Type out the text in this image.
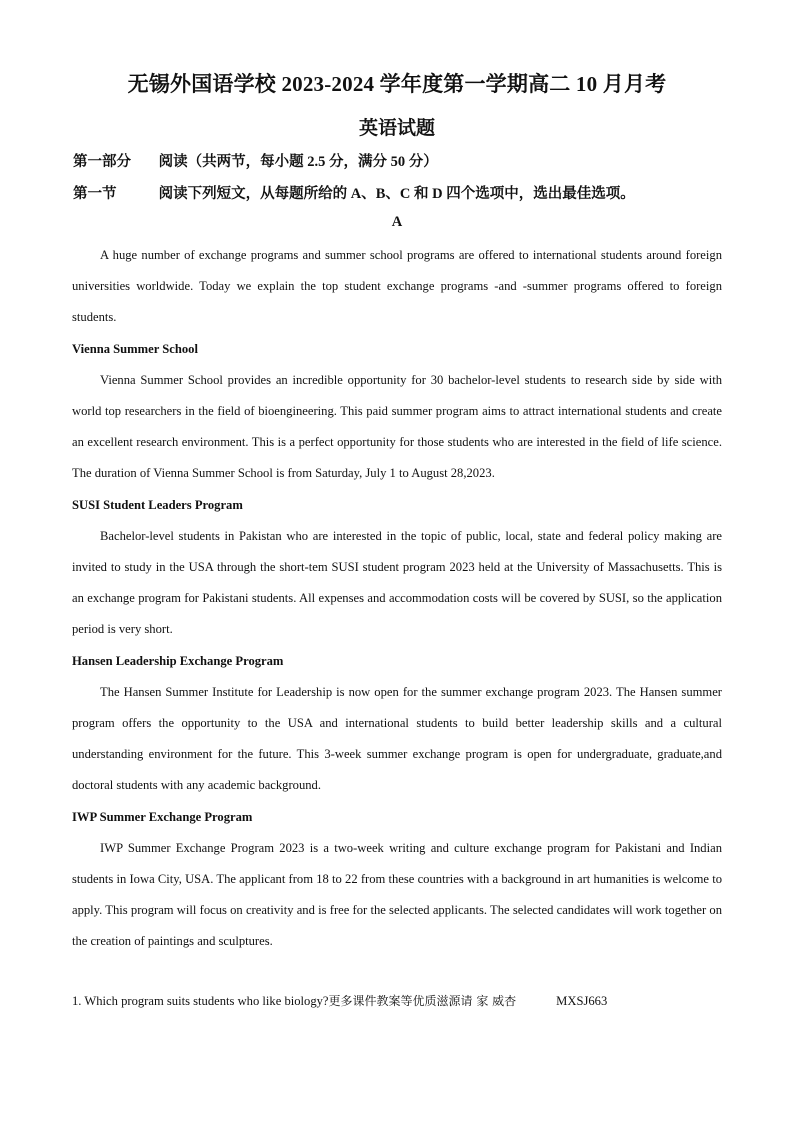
无锡外国语学校 2023-2024 学年度第一学期高二 10 月月考
英语试题
第一部分 阅读（共两节，每小题 2.5 分，满分 50 分）
第一节	阅读下列短文，从每题所给的 A、B、C 和 D 四个选项中，选出最佳选项。
A

A huge number of exchange programs and summer school programs are offered to international students around foreign universities worldwide. Today we explain the top student exchange programs -and -summer programs offered to foreign students.

Vienna Summer School

Vienna Summer School provides an incredible opportunity for 30 bachelor-level students to research side by side with world top researchers in the field of bioengineering. This paid summer program aims to attract international students and create an excellent research environment. This is a perfect opportunity for those students who are interested in the field of life science. The duration of Vienna Summer School is from Saturday, July 1 to August 28,2023.

SUSI Student Leaders Program

Bachelor-level students in Pakistan who are interested in the topic of public, local, state and federal policy making are invited to study in the USA through the short-tem SUSI student program 2023 held at the University of Massachusetts. This is an exchange program for Pakistani students. All expenses and accommodation costs will be covered by SUSI, so the application period is very short.

Hansen Leadership Exchange Program

The Hansen Summer Institute for Leadership is now open for the summer exchange program 2023. The Hansen summer program offers the opportunity to the USA and international students to build better leadership skills and a cultural understanding environment for the future. This 3-week summer exchange program is open for undergraduate, graduate,and doctoral students with any academic background.

IWP Summer Exchange Program

IWP Summer Exchange Program 2023 is a two-week writing and culture exchange program for Pakistani and Indian students in Iowa City, USA. The applicant from 18 to 22 from these countries with a background in art humanities is welcome to apply. This program will focus on creativity and is free for the selected applicants. The selected candidates will work together on the creation of paintings and sculptures.

1. Which program suits students who like biology?更多课件教案等优质滋源请 家 威杏	MXSJ663
